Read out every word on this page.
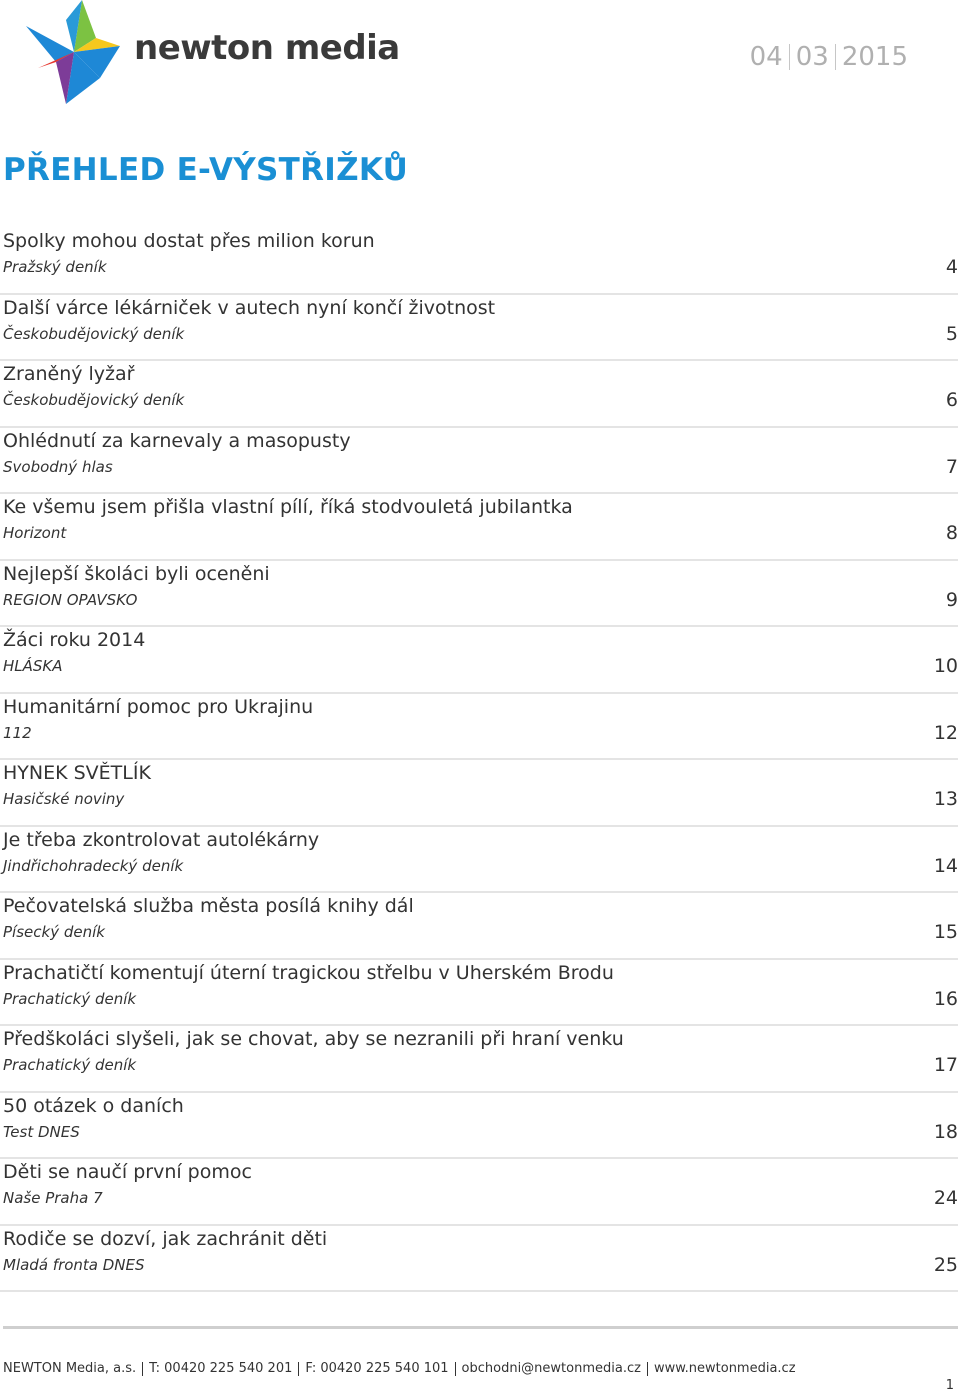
newton media	04 03 2015
PŘEHLED E-VÝSTŘIŽKŮ
Spolky mohou dostat přes milion korun
Pražský deník	4
Další várce lékárniček v autech nyní končí životnost
Českobudějovický deník	5
Zraněný lyžař
Českobudějovický deník	6
Ohlédnutí za karnevaly a masopusty
Svobodný hlas	7
Ke všemu jsem přišla vlastní pílí, říká stodvouletá jubilantka
Horizont	8
Nejlepší školáci byli oceněni
REGION OPAVSKO	9
Žáci roku 2014
HLÁSKA	10
Humanitární pomoc pro Ukrajinu
112	12
HYNEK SVĚTLÍK
Hasičské noviny	13
Je třeba zkontrolovat autolékárny
Jindřichohradecký deník	14
Pečovatelská služba města posílá knihy dál
Písecký deník	15
Prachatičtí komentují úterní tragickou střelbu v Uherském Brodu
Prachatický deník	16
Předškoláci slyšeli, jak se chovat, aby se nezranili při hraní venku
Prachatický deník	17
50 otázek o daních
Test DNES	18
Děti se naučí první pomoc
Naše Praha 7	24
Rodiče se dozví, jak zachránit děti
Mladá fronta DNES	25
NEWTON Media, a.s. T: 00420 225 540 201 F: 00420 225 540 101 obchodni@newtonmedia.cz www.newtonmedia.cz
1
